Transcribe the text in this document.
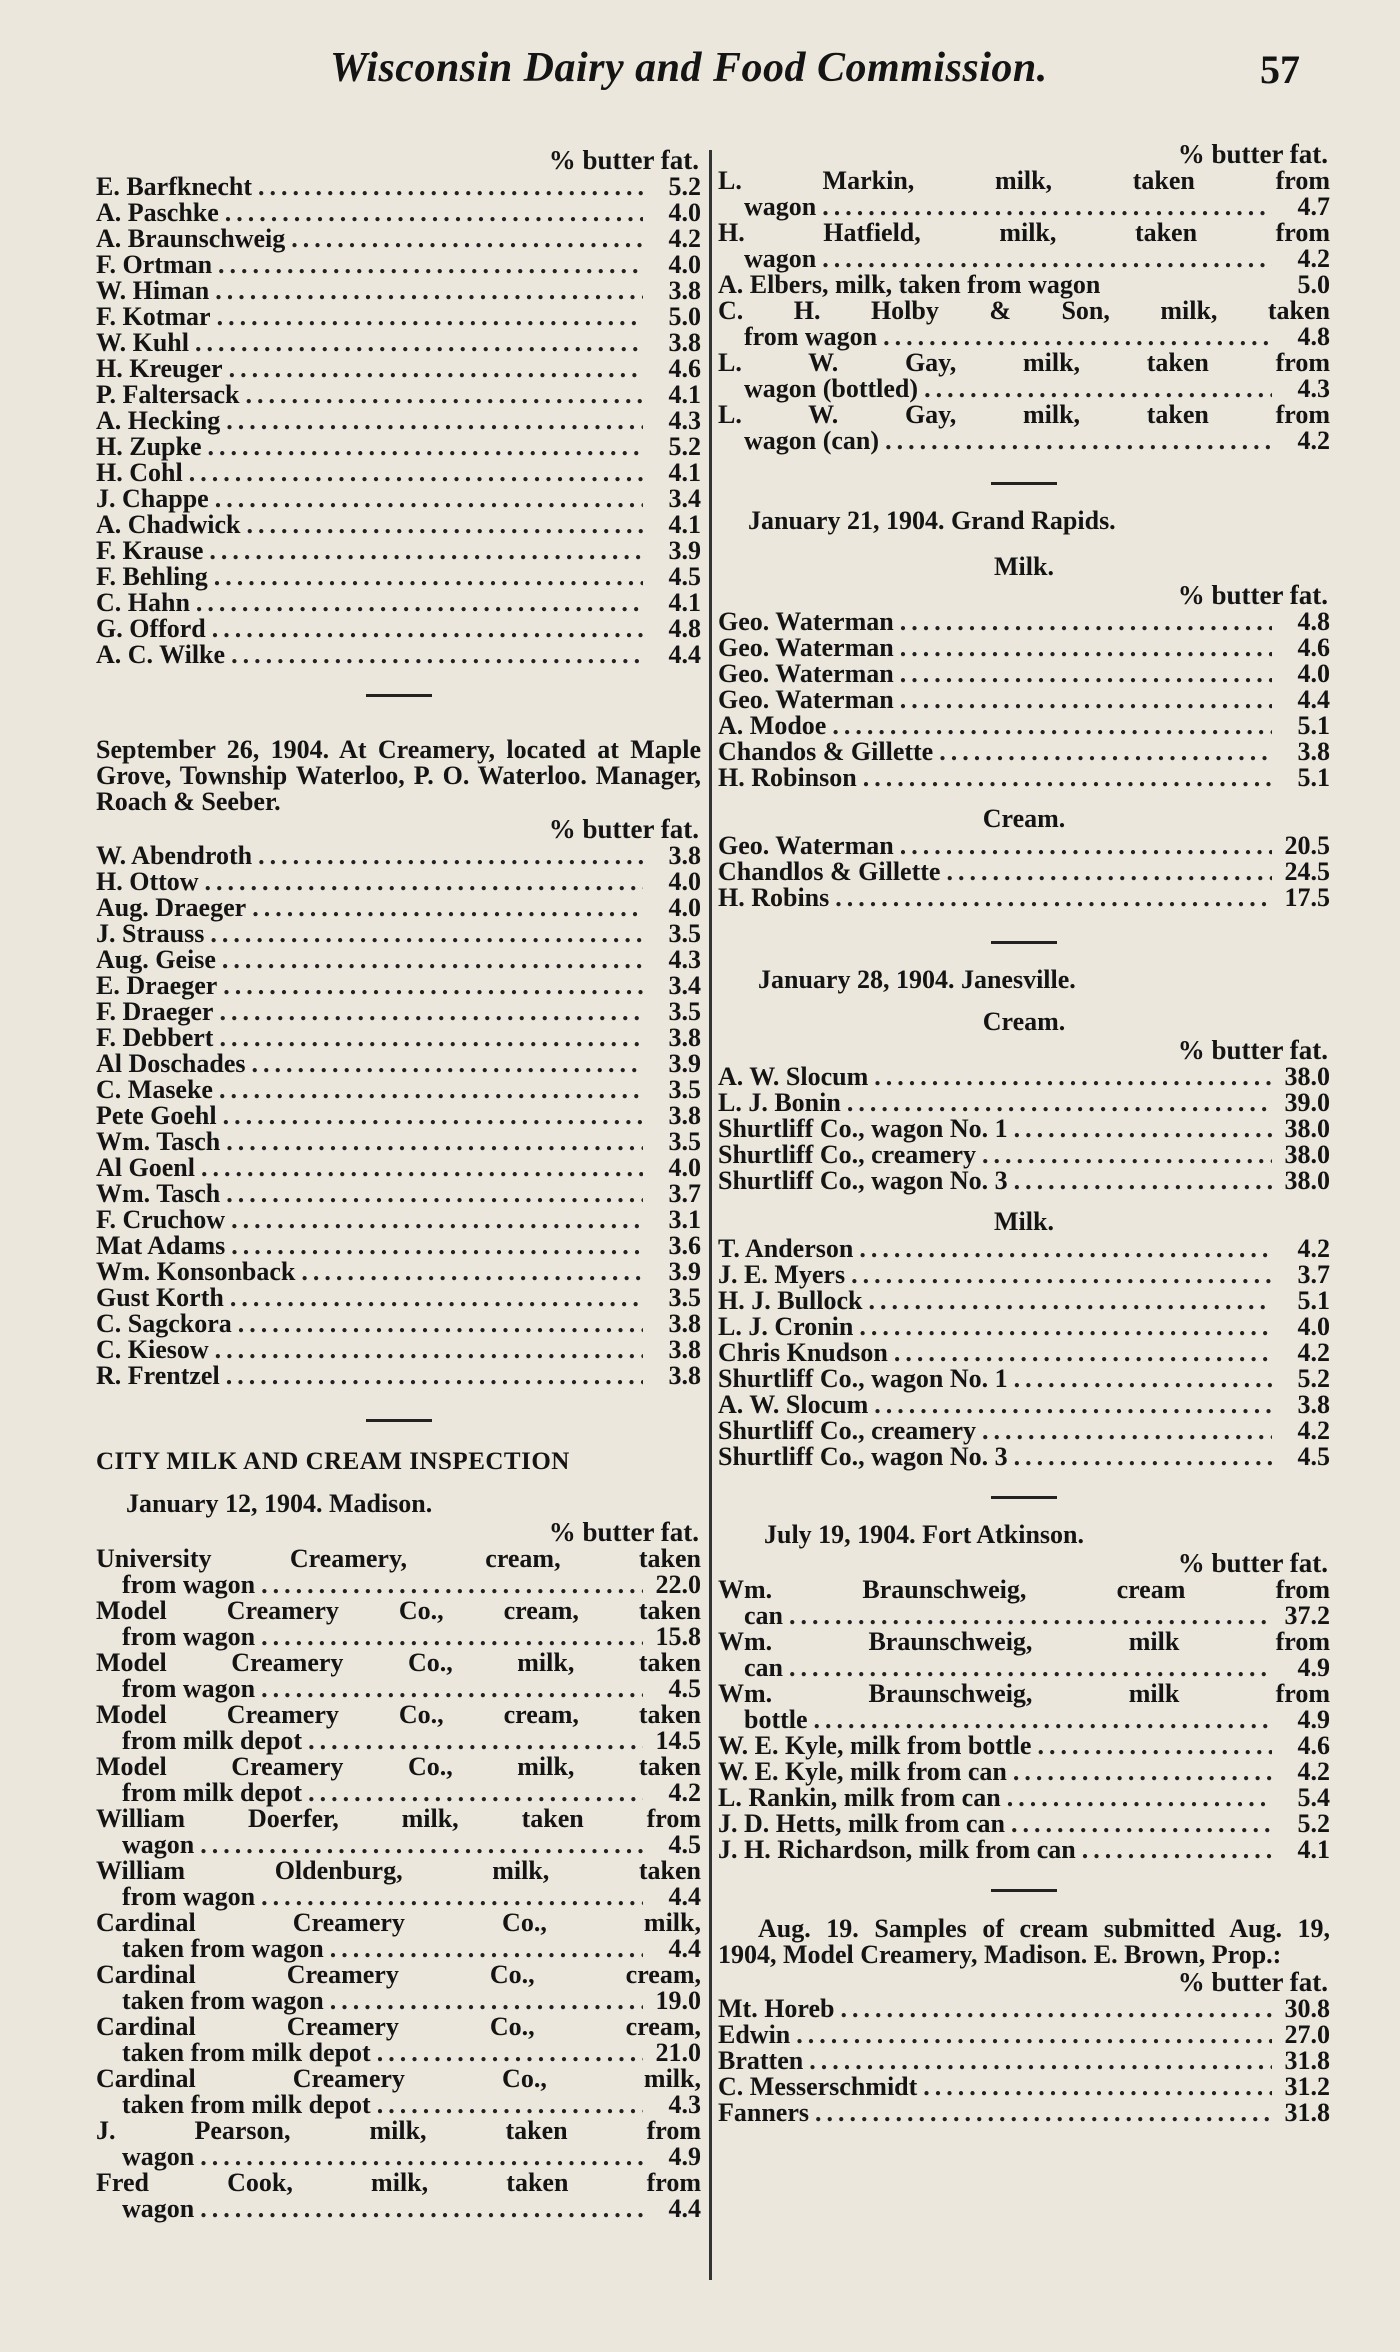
Wisconsin Dairy and Food Commission.	57
% butter fat.
E. Barfknecht .....	5.2
A. Paschke .....	4.0
A. Braunschweig .....	4.2
F. Ortman .....	4.0
W. Himan .....	3.8
F. Kotmar .....	5.0
W. Kuhl .....	3.8
H. Kreuger .....	4.6
P. Faltersack .....	4.1
A. Hecking .....	4.3
H. Zupke .....	5.2
H. Cohl .....	4.1
J. Chappe .....	3.4
A. Chadwick .....	4.1
F. Krause .....	3.9
F. Behling .....	4.5
C. Hahn .....	4.1
G. Offord .....	4.8
A. C. Wilke .....	4.4
September 26, 1904. At Creamery, located at Maple Grove, Township Waterloo, P. O. Waterloo. Manager, Roach & Seeber.
% butter fat.
W. Abendroth .....	3.8
H. Ottow .....	4.0
Aug. Draeger .....	4.0
J. Strauss .....	3.5
Aug. Geise .....	4.3
E. Draeger .....	3.4
F. Draeger .....	3.5
F. Debbert .....	3.8
Al Doschades .....	3.9
C. Maseke .....	3.5
Pete Goehl .....	3.8
Wm. Tasch .....	3.5
Al Goenl .....	4.0
Wm. Tasch .....	3.7
F. Cruchow .....	3.1
Mat Adams .....	3.6
Wm. Konsonback .....	3.9
Gust Korth .....	3.5
C. Sagckora .....	3.8
C. Kiesow .....	3.8
R. Frentzel .....	3.8
CITY MILK AND CREAM INSPECTION
January 12, 1904. Madison.
% butter fat.
University Creamery, cream, taken
from wagon .....	22.0
Model Creamery Co., cream, taken
from wagon .....	15.8
Model Creamery Co., milk, taken
from wagon .....	4.5
Model Creamery Co., cream, taken
from milk depot .....	14.5
Model Creamery Co., milk, taken
from milk depot .....	4.2
William Doerfer, milk, taken from
wagon .....	4.5
William Oldenburg, milk, taken
from wagon .....	4.4
Cardinal Creamery Co., milk,
taken from wagon .....	4.4
Cardinal Creamery Co., cream,
taken from wagon .....	19.0
Cardinal Creamery Co., cream,
taken from milk depot .....	21.0
Cardinal Creamery Co., milk,
taken from milk depot .....	4.3
J. Pearson, milk, taken from
wagon .....	4.9
Fred Cook, milk, taken from
wagon .....	4.4
% butter fat.
L. Markin, milk, taken from
wagon .....	4.7
H. Hatfield, milk, taken from
wagon .....	4.2
A. Elbers, milk, taken from wagon	5.0
C. H. Holby & Son, milk, taken
from wagon .....	4.8
L. W. Gay, milk, taken from
wagon (bottled) .....	4.3
L. W. Gay, milk, taken from
wagon (can) .....	4.2
January 21, 1904. Grand Rapids.
Milk.
% butter fat.
Geo. Waterman .....	4.8
Geo. Waterman .....	4.6
Geo. Waterman .....	4.0
Geo. Waterman .....	4.4
A. Modoe .....	5.1
Chandos & Gillette .....	3.8
H. Robinson .....	5.1
Cream.
Geo. Waterman .....	20.5
Chandlos & Gillette .....	24.5
H. Robins .....	17.5
January 28, 1904. Janesville.
Cream.
% butter fat.
A. W. Slocum .....	38.0
L. J. Bonin .....	39.0
Shurtliff Co., wagon No. 1 .....	38.0
Shurtliff Co., creamery .....	38.0
Shurtliff Co., wagon No. 3 .....	38.0
Milk.
T. Anderson .....	4.2
J. E. Myers .....	3.7
H. J. Bullock .....	5.1
L. J. Cronin .....	4.0
Chris Knudson .....	4.2
Shurtliff Co., wagon No. 1 .....	5.2
A. W. Slocum .....	3.8
Shurtliff Co., creamery .....	4.2
Shurtliff Co., wagon No. 3 .....	4.5
July 19, 1904. Fort Atkinson.
% butter fat.
Wm. Braunschweig, cream from
can .....	37.2
Wm. Braunschweig, milk from
can .....	4.9
Wm. Braunschweig, milk from
bottle .....	4.9
W. E. Kyle, milk from bottle .....	4.6
W. E. Kyle, milk from can .....	4.2
L. Rankin, milk from can .....	5.4
J. D. Hetts, milk from can .....	5.2
J. H. Richardson, milk from can .....	4.1
Aug. 19. Samples of cream submitted Aug. 19, 1904, Model Creamery, Madison. E. Brown, Prop.:
% butter fat.
Mt. Horeb .....	30.8
Edwin .....	27.0
Bratten .....	31.8
C. Messerschmidt .....	31.2
Fanners .....	31.8
